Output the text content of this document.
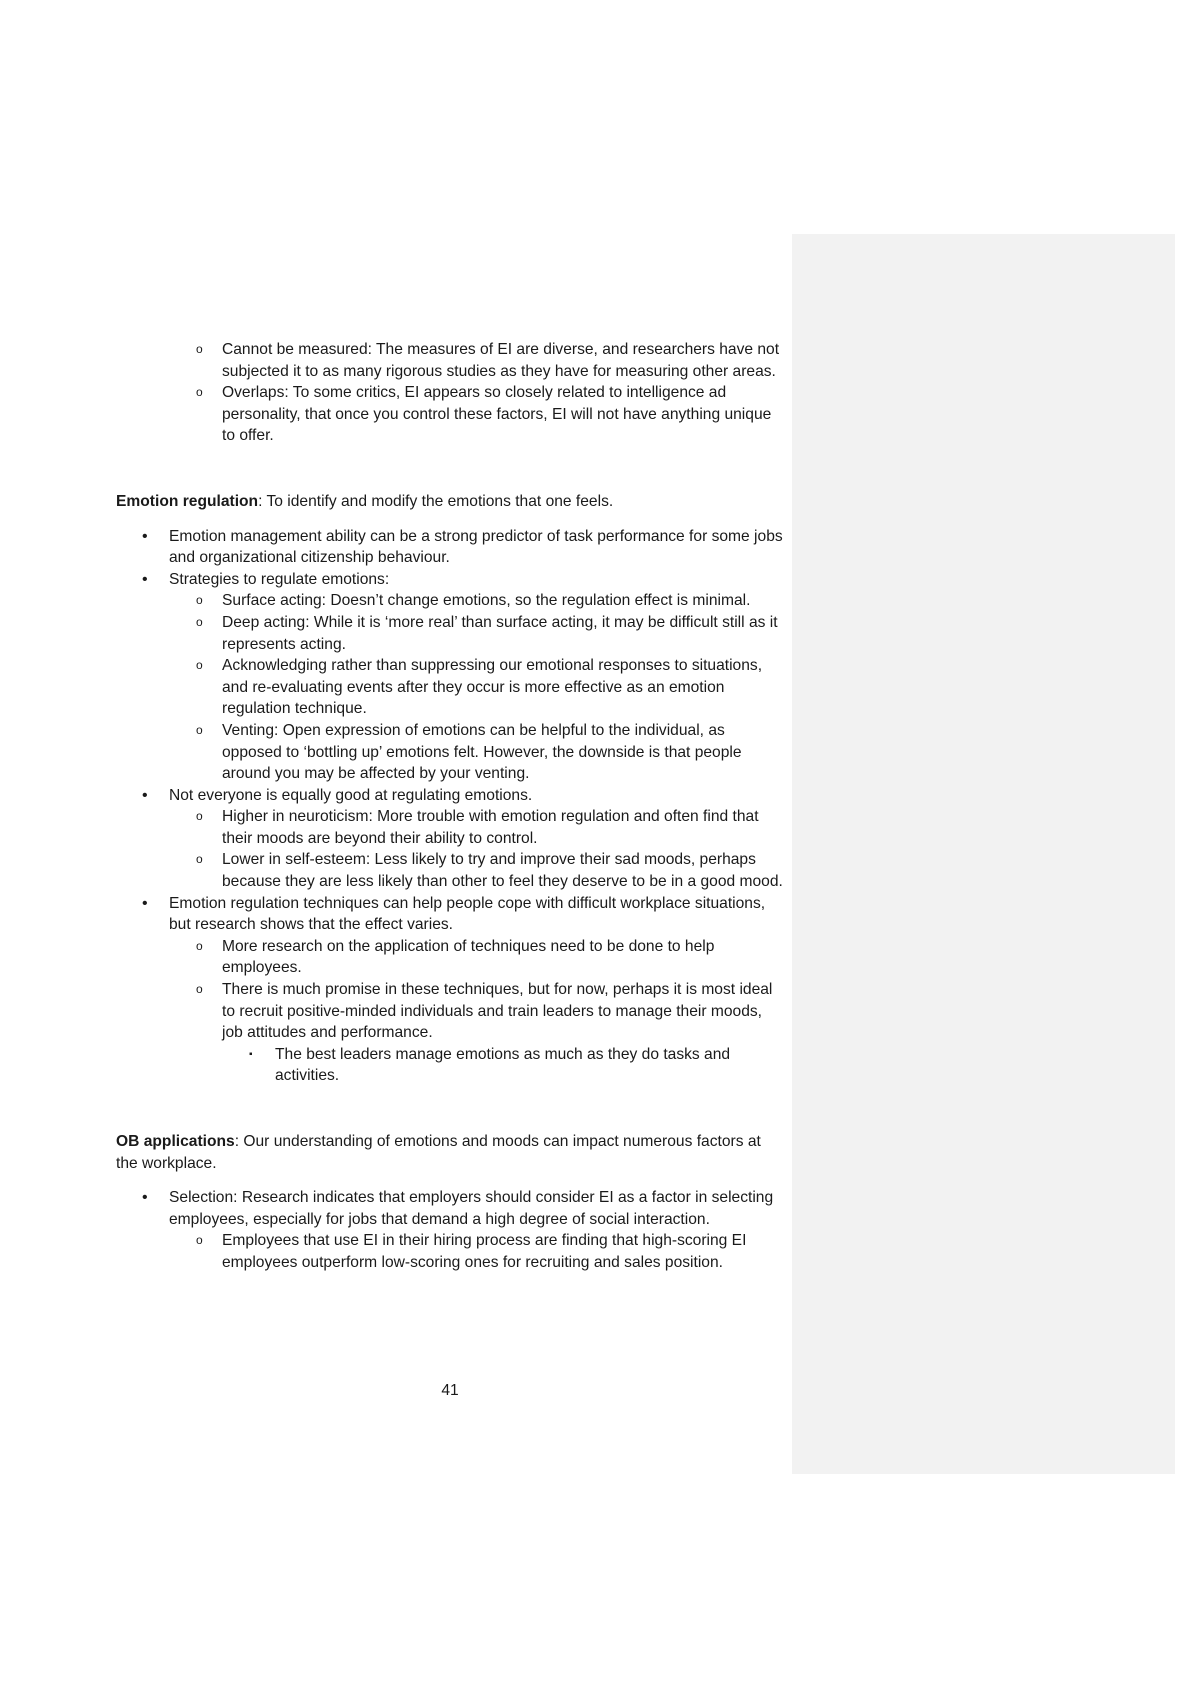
o Cannot be measured: The measures of EI are diverse, and researchers have not subjected it to as many rigorous studies as they have for measuring other areas.
o Overlaps: To some critics, EI appears so closely related to intelligence ad personality, that once you control these factors, EI will not have anything unique to offer.

Emotion regulation: To identify and modify the emotions that one feels.

• Emotion management ability can be a strong predictor of task performance for some jobs and organizational citizenship behaviour.
• Strategies to regulate emotions:
o Surface acting: Doesn’t change emotions, so the regulation effect is minimal.
o Deep acting: While it is ‘more real’ than surface acting, it may be difficult still as it represents acting.
o Acknowledging rather than suppressing our emotional responses to situations, and re-evaluating events after they occur is more effective as an emotion regulation technique.
o Venting: Open expression of emotions can be helpful to the individual, as opposed to ‘bottling up’ emotions felt. However, the downside is that people around you may be affected by your venting.
• Not everyone is equally good at regulating emotions.
o Higher in neuroticism: More trouble with emotion regulation and often find that their moods are beyond their ability to control.
o Lower in self-esteem: Less likely to try and improve their sad moods, perhaps because they are less likely than other to feel they deserve to be in a good mood.
• Emotion regulation techniques can help people cope with difficult workplace situations, but research shows that the effect varies.
o More research on the application of techniques need to be done to help employees.
o There is much promise in these techniques, but for now, perhaps it is most ideal to recruit positive-minded individuals and train leaders to manage their moods, job attitudes and performance.
▪ The best leaders manage emotions as much as they do tasks and activities.

OB applications: Our understanding of emotions and moods can impact numerous factors at the workplace.

• Selection: Research indicates that employers should consider EI as a factor in selecting employees, especially for jobs that demand a high degree of social interaction.
o Employees that use EI in their hiring process are finding that high-scoring EI employees outperform low-scoring ones for recruiting and sales position.
41
